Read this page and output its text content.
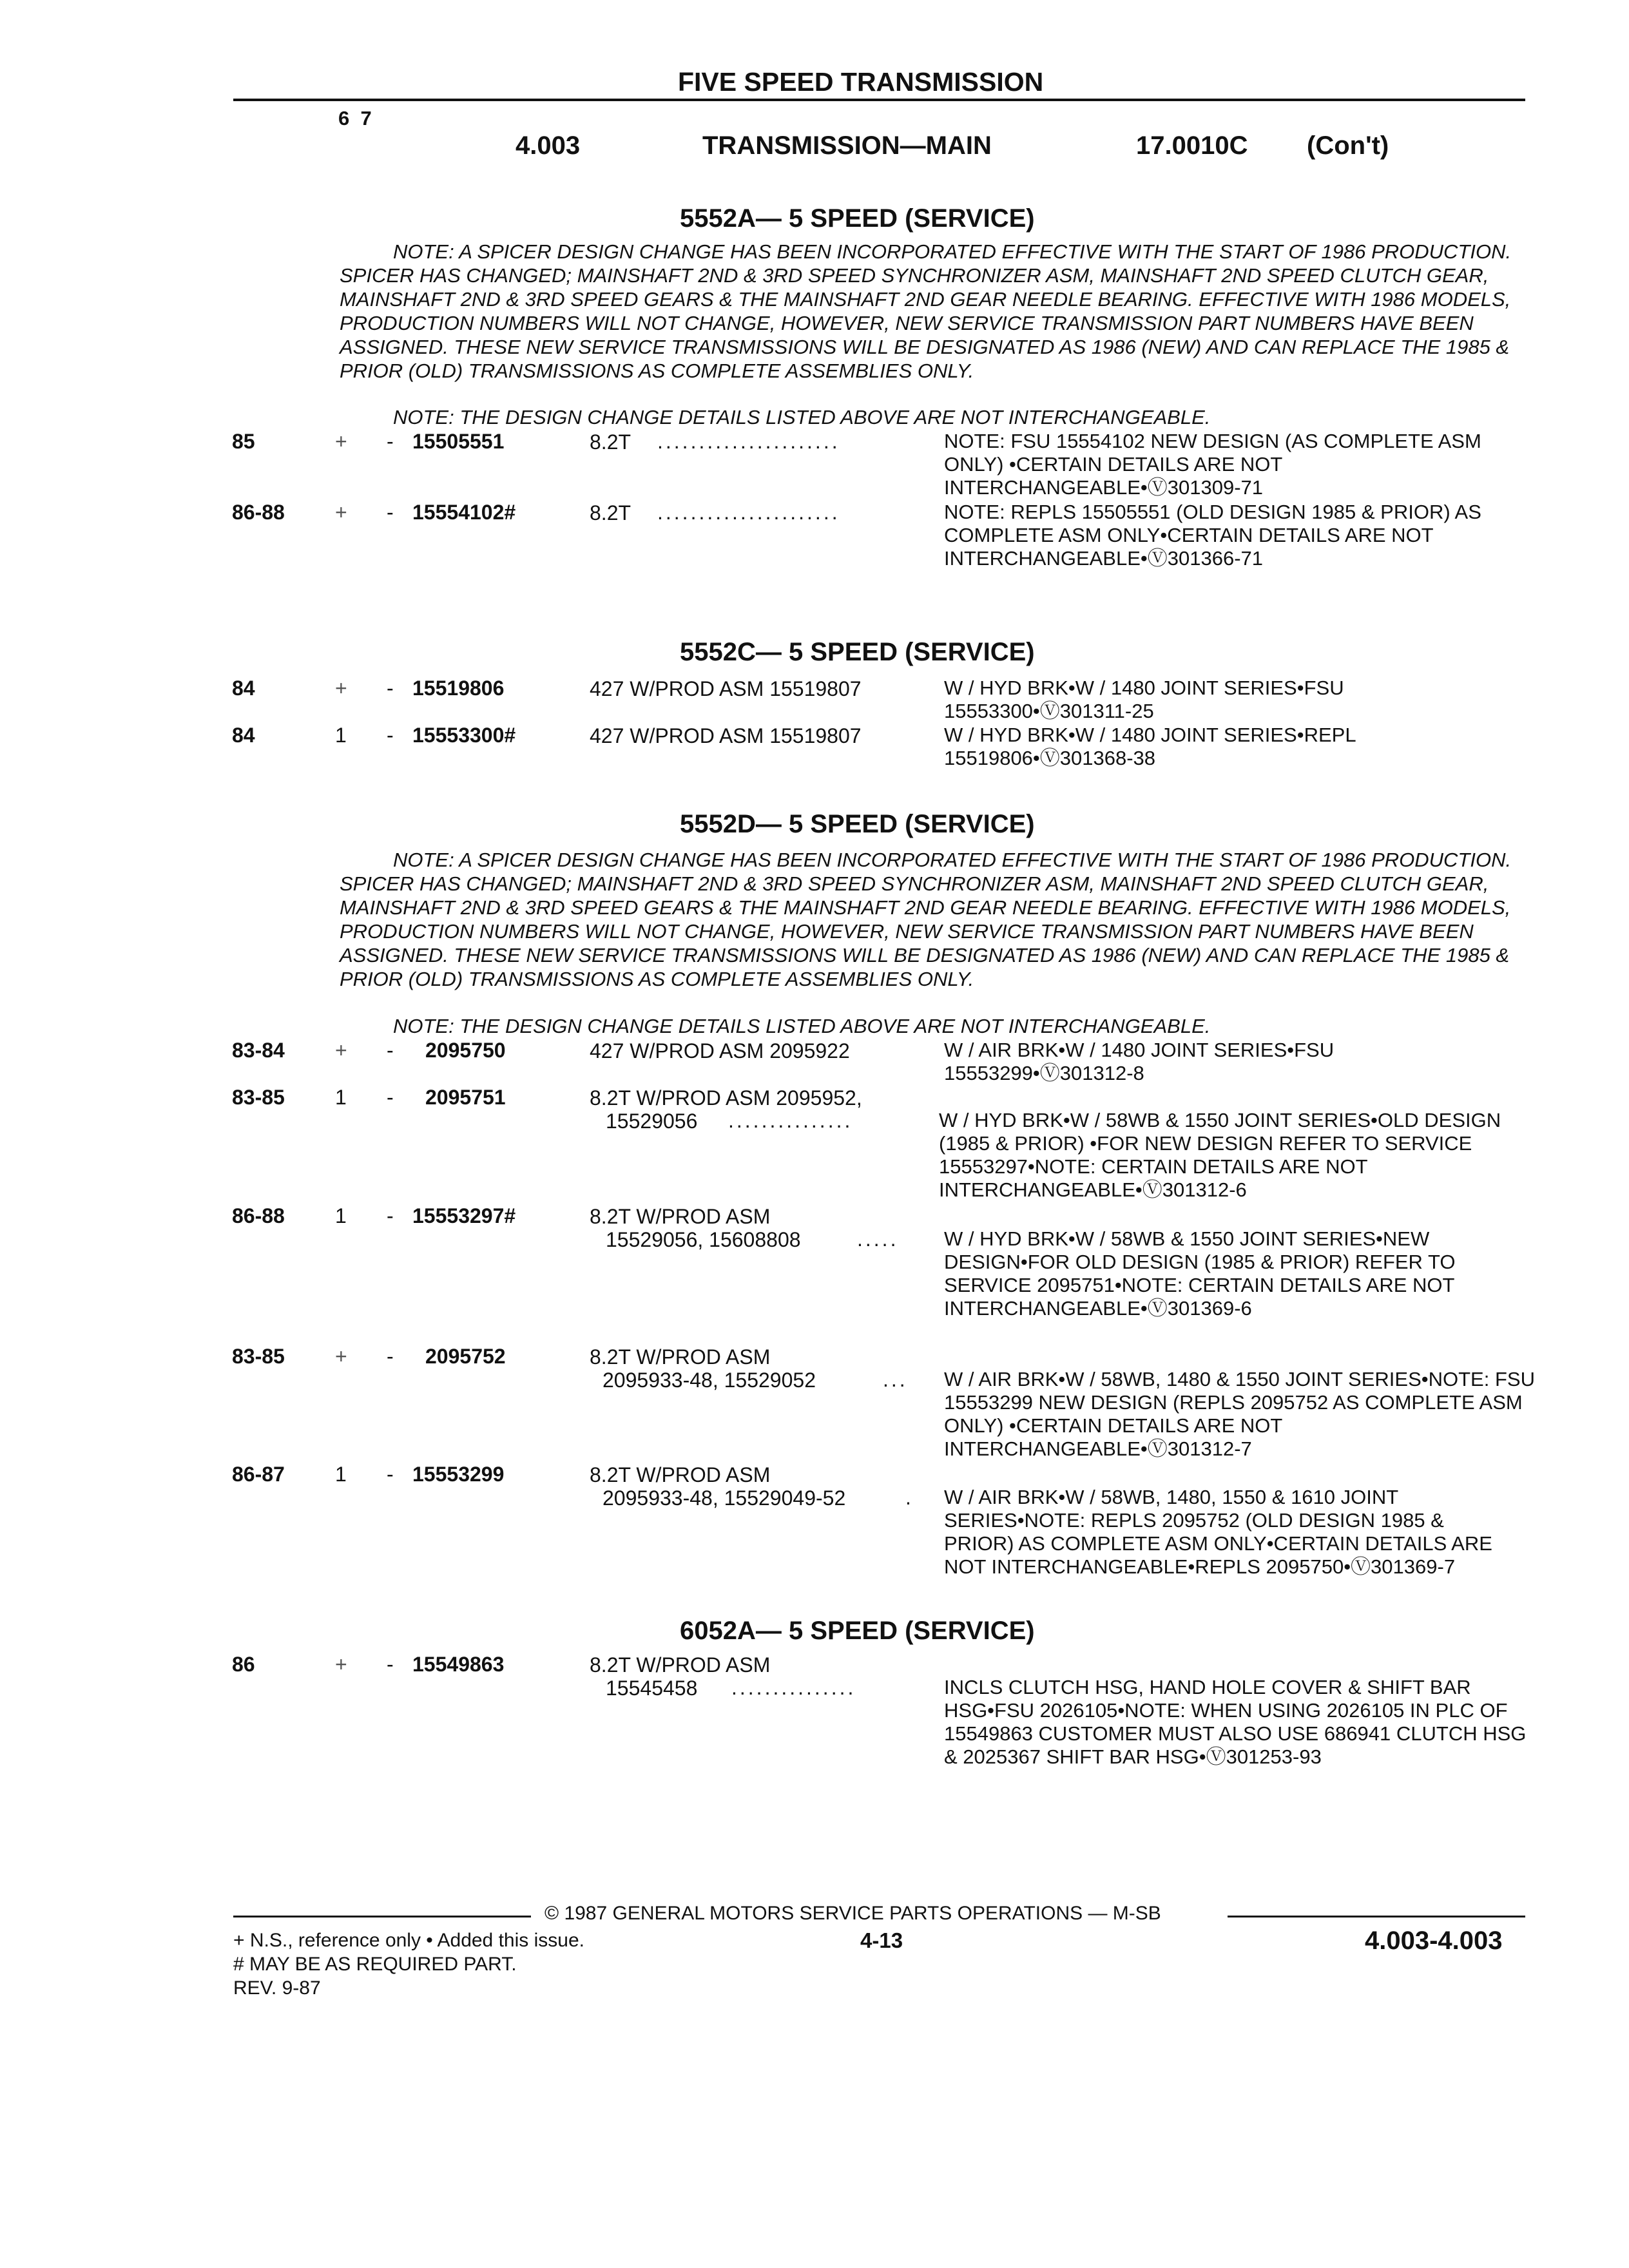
FIVE SPEED TRANSMISSION
6  7
4.003	TRANSMISSION—MAIN	17.0010C (Con't)
5552A— 5 SPEED (SERVICE)
NOTE: A SPICER DESIGN CHANGE HAS BEEN INCORPORATED EFFECTIVE WITH THE START OF 1986 PRODUCTION. SPICER HAS CHANGED; MAINSHAFT 2ND & 3RD SPEED SYNCHRONIZER ASM, MAINSHAFT 2ND SPEED CLUTCH GEAR, MAINSHAFT 2ND & 3RD SPEED GEARS & THE MAINSHAFT 2ND GEAR NEEDLE BEARING. EFFECTIVE WITH 1986 MODELS, PRODUCTION NUMBERS WILL NOT CHANGE, HOWEVER, NEW SERVICE TRANSMISSION PART NUMBERS HAVE BEEN ASSIGNED. THESE NEW SERVICE TRANSMISSIONS WILL BE DESIGNATED AS 1986 (NEW) AND CAN REPLACE THE 1985 & PRIOR (OLD) TRANSMISSIONS AS COMPLETE ASSEMBLIES ONLY.
NOTE: THE DESIGN CHANGE DETAILS LISTED ABOVE ARE NOT INTERCHANGEABLE.
85	+ - 15505551	8.2T ......................	NOTE: FSU 15554102 NEW DESIGN (AS COMPLETE ASM ONLY) •CERTAIN DETAILS ARE NOT INTERCHANGEABLE•Ⓥ301309-71
86-88 + - 15554102#	8.2T ......................	NOTE: REPLS 15505551 (OLD DESIGN 1985 & PRIOR) AS COMPLETE ASM ONLY•CERTAIN DETAILS ARE NOT INTERCHANGEABLE•Ⓥ301366-71
5552C— 5 SPEED (SERVICE)
84	+ - 15519806	427 W/PROD ASM 15519807	W / HYD BRK•W / 1480 JOINT SERIES•FSU 15553300•Ⓥ301311-25
84	1 - 15553300#	427 W/PROD ASM 15519807	W / HYD BRK•W / 1480 JOINT SERIES•REPL 15519806•Ⓥ301368-38
5552D— 5 SPEED (SERVICE)
NOTE: A SPICER DESIGN CHANGE HAS BEEN INCORPORATED EFFECTIVE WITH THE START OF 1986 PRODUCTION. SPICER HAS CHANGED; MAINSHAFT 2ND & 3RD SPEED SYNCHRONIZER ASM, MAINSHAFT 2ND SPEED CLUTCH GEAR, MAINSHAFT 2ND & 3RD SPEED GEARS & THE MAINSHAFT 2ND GEAR NEEDLE BEARING. EFFECTIVE WITH 1986 MODELS, PRODUCTION NUMBERS WILL NOT CHANGE, HOWEVER, NEW SERVICE TRANSMISSION PART NUMBERS HAVE BEEN ASSIGNED. THESE NEW SERVICE TRANSMISSIONS WILL BE DESIGNATED AS 1986 (NEW) AND CAN REPLACE THE 1985 & PRIOR (OLD) TRANSMISSIONS AS COMPLETE ASSEMBLIES ONLY.
NOTE: THE DESIGN CHANGE DETAILS LISTED ABOVE ARE NOT INTERCHANGEABLE.
83-84 + - 2095750	427 W/PROD ASM 2095922	W / AIR BRK•W / 1480 JOINT SERIES•FSU 15553299•Ⓥ301312-8
83-85 1 - 2095751	8.2T W/PROD ASM 2095952,
15529056 ...............	W / HYD BRK•W / 58WB & 1550 JOINT SERIES•OLD DESIGN (1985 & PRIOR) •FOR NEW DESIGN REFER TO SERVICE 15553297•NOTE: CERTAIN DETAILS ARE NOT INTERCHANGEABLE•Ⓥ301312-6
86-88 1 - 15553297#	8.2T W/PROD ASM
15529056, 15608808	..... W / HYD BRK•W / 58WB & 1550 JOINT SERIES•NEW DESIGN•FOR OLD DESIGN (1985 & PRIOR) REFER TO SERVICE 2095751•NOTE: CERTAIN DETAILS ARE NOT INTERCHANGEABLE•Ⓥ301369-6
83-85 + - 2095752	8.2T W/PROD ASM
2095933-48, 15529052	... W / AIR BRK•W / 58WB, 1480 & 1550 JOINT SERIES•NOTE: FSU 15553299 NEW DESIGN (REPLS 2095752 AS COMPLETE ASM ONLY) •CERTAIN DETAILS ARE NOT INTERCHANGEABLE•Ⓥ301312-7
86-87 1 - 15553299	8.2T W/PROD ASM
2095933-48, 15529049-52	. W / AIR BRK•W / 58WB, 1480, 1550 & 1610 JOINT SERIES•NOTE: REPLS 2095752 (OLD DESIGN 1985 & PRIOR) AS COMPLETE ASM ONLY•CERTAIN DETAILS ARE NOT INTERCHANGEABLE•REPLS 2095750•Ⓥ301369-7
6052A— 5 SPEED (SERVICE)
86	+ - 15549863	8.2T W/PROD ASM
15545458 ...............	INCLS CLUTCH HSG, HAND HOLE COVER & SHIFT BAR HSG•FSU 2026105•NOTE: WHEN USING 2026105 IN PLC OF 15549863 CUSTOMER MUST ALSO USE 686941 CLUTCH HSG & 2025367 SHIFT BAR HSG•Ⓥ301253-93
© 1987 GENERAL MOTORS SERVICE PARTS OPERATIONS — M-SB
+ N.S., reference only • Added this issue.	4-13	4.003-4.003
# MAY BE AS REQUIRED PART.
REV. 9-87
